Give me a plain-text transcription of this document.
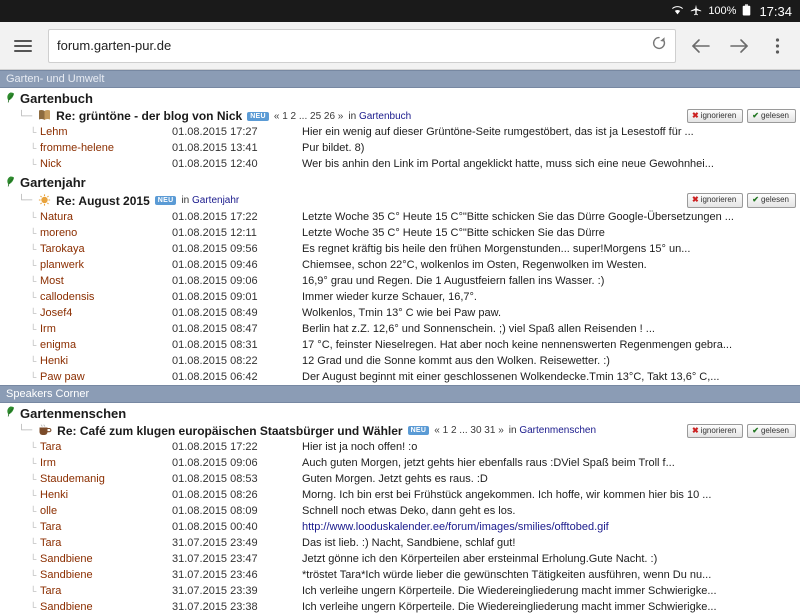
100% 17:34
forum.garten-pur.de
Garten- und Umwelt
Gartenbuch
└─ Re: grüntöne - der blog von Nick	NEU « 1 2 ... 25 26 » in Gartenbuch	✖ ignorieren ✔ gelesen
└ Lehm	01.08.2015 17:27	Hier ein wenig auf dieser Grüntöne-Seite rumgestöbert, das ist ja Lesestoff für ...
└ fromme-helene	01.08.2015 13:41	Pur bildet. 8)
└ Nick	01.08.2015 12:40	Wer bis anhin den Link im Portal angeklickt hatte, muss sich eine neue Gewohnhei...
Gartenjahr
└─ Re: August 2015	NEU in Gartenjahr	✖ ignorieren ✔ gelesen
└ Natura	01.08.2015 17:22	Letzte Woche 35 C° Heute 15 C°"Bitte schicken Sie das Dürre Google-Übersetzungen ...
└ moreno	01.08.2015 12:11	Letzte Woche 35 C° Heute 15 C°"Bitte schicken Sie das Dürre
└ Tarokaya	01.08.2015 09:56	Es regnet kräftig bis heile den frühen Morgenstunden... super!Morgens 15° un...
└ planwerk	01.08.2015 09:46	Chiemsee, schon 22°C, wolkenlos im Osten, Regenwolken im Westen.
└ Most	01.08.2015 09:06	16,9° grau und Regen. Die 1 Augustfeiern fallen ins Wasser. :)
└ callodensis	01.08.2015 09:01	Immer wieder kurze Schauer, 16,7°.
└ Josef4	01.08.2015 08:49	Wolkenlos, Tmin 13° C wie bei Paw paw.
└ Irm	01.08.2015 08:47	Berlin hat z.Z. 12,6° und Sonnenschein. ;) viel Spaß allen Reisenden ! ...
└ enigma	01.08.2015 08:31	17 °C, feinster Nieselregen. Hat aber noch keine nennenswerten Regenmengen gebra...
└ Henki	01.08.2015 08:22	12 Grad und die Sonne kommt aus den Wolken. Reisewetter. :)
└ Paw paw	01.08.2015 06:42	Der August beginnt mit einer geschlossenen Wolkendecke.Tmin 13°C, Takt 13,6° C,...
Speakers Corner
Gartenmenschen
└─ Re: Café zum klugen europäischen Staatsbürger und Wähler	NEU « 1 2 ... 30 31 » in Gartenmenschen	✖ ignorieren ✔ gelesen
└ Tara	01.08.2015 17:22	Hier ist ja noch offen! :o
└ Irm	01.08.2015 09:06	Auch guten Morgen, jetzt gehts hier ebenfalls raus :DViel Spaß beim Troll f...
└ Staudemanig	01.08.2015 08:53	Guten Morgen. Jetzt gehts es raus. :D
└ Henki	01.08.2015 08:26	Morng. Ich bin erst bei Frühstück angekommen. Ich hoffe, wir kommen hier bis 10 ...
└ olle	01.08.2015 08:09	Schnell noch etwas Deko, dann geht es los.
└ Tara	01.08.2015 00:40	http://www.looduskalender.ee/forum/images/smilies/offtobed.gif
└ Tara	31.07.2015 23:49	Das ist lieb. :) Nacht, Sandbiene, schlaf gut!
└ Sandbiene	31.07.2015 23:47	Jetzt gönne ich den Körperteilen aber ersteinmal Erholung.Gute Nacht. :)
└ Sandbiene	31.07.2015 23:46	*tröstet Tara*Ich würde lieber die gewünschten Tätigkeiten ausführen, wenn Du nu...
└ Tara	31.07.2015 23:39	Ich verleihe ungern Körperteile. Die Wiedereingliederung macht immer Schwierigke...
└ Sandbiene	31.07.2015 23:38	Ich verleihe ungern Körperteile. Die Wiedereingliederung macht immer Schwierigke...
